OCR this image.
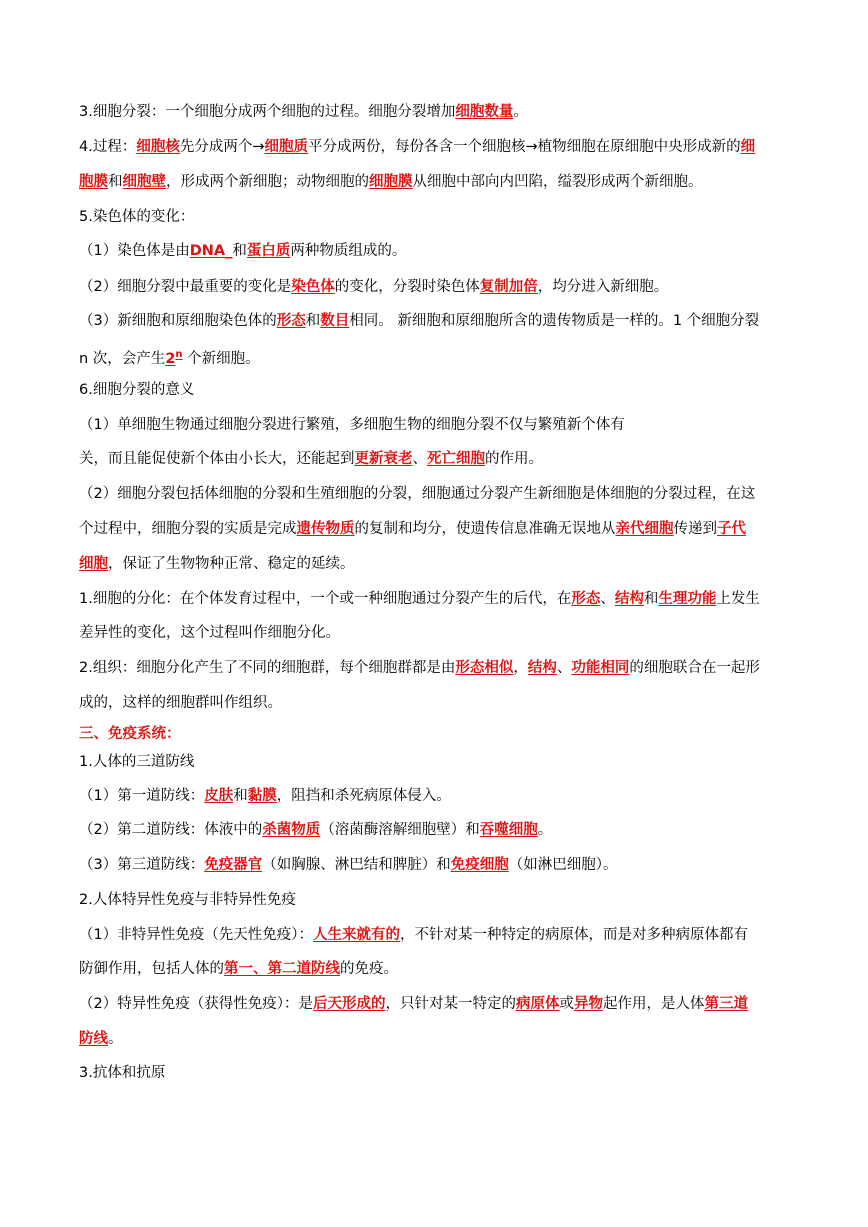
3.细胞分裂：一个细胞分成两个细胞的过程。细胞分裂增加细胞数量。
4.过程：细胞核先分成两个→细胞质平分成两份，每份各含一个细胞核→植物细胞在原细胞中央形成新的细
胞膜和细胞壁，形成两个新细胞；动物细胞的细胞膜从细胞中部向内凹陷，缢裂形成两个新细胞。
5.染色体的变化：
（1）染色体是由DNA_和蛋白质两种物质组成的。
（2）细胞分裂中最重要的变化是染色体的变化，分裂时染色体复制加倍，均分进入新细胞。
（3）新细胞和原细胞染色体的形态和数目相同。 新细胞和原细胞所含的遗传物质是一样的。1 个细胞分裂
n 次，会产生2$^n$ 个新细胞。
6.细胞分裂的意义
（1）单细胞生物通过细胞分裂进行繁殖，多细胞生物的细胞分裂不仅与繁殖新个体有
关，而且能促使新个体由小长大，还能起到更新衰老、死亡细胞的作用。
（2）细胞分裂包括体细胞的分裂和生殖细胞的分裂，细胞通过分裂产生新细胞是体细胞的分裂过程，在这
个过程中，细胞分裂的实质是完成遗传物质的复制和均分，使遗传信息准确无误地从亲代细胞传递到子代
细胞，保证了生物物种正常、稳定的延续。
1.细胞的分化：在个体发育过程中，一个或一种细胞通过分裂产生的后代，在形态、结构和生理功能上发生
差异性的变化，这个过程叫作细胞分化。
2.组织：细胞分化产生了不同的细胞群，每个细胞群都是由形态相似，结构、功能相同的细胞联合在一起形
成的，这样的细胞群叫作组织。
三、免疫系统：
1.人体的三道防线
（1）第一道防线：皮肤和黏膜，阻挡和杀死病原体侵入。
（2）第二道防线：体液中的杀菌物质（溶菌酶溶解细胞壁）和吞噬细胞。
（3）第三道防线：免疫器官（如胸腺、淋巴结和脾脏）和免疫细胞（如淋巴细胞）。
2.人体特异性免疫与非特异性免疫
（1）非特异性免疫（先天性免疫）：人生来就有的，不针对某一种特定的病原体，而是对多种病原体都有
防御作用，包括人体的第一、第二道防线的免疫。
（2）特异性免疫（获得性免疫）：是后天形成的，只针对某一特定的病原体或异物起作用，是人体第三道
防线。
3.抗体和抗原
